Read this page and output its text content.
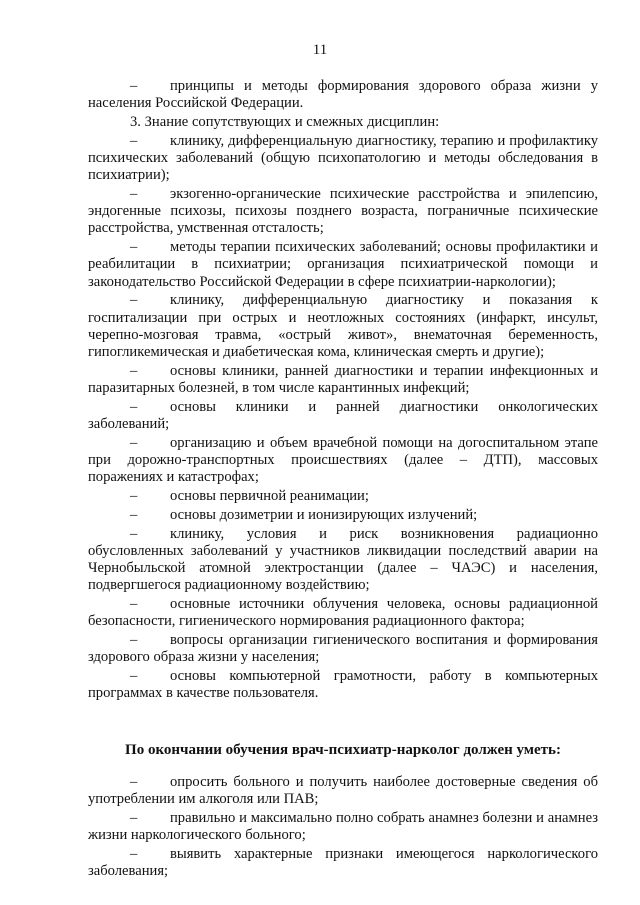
11

– принципы и методы формирования здорового образа жизни у населения Российской Федерации.

3. Знание сопутствующих и смежных дисциплин:

– клинику, дифференциальную диагностику, терапию и профилактику психических заболеваний (общую психопатологию и методы обследования в психиатрии);

– экзогенно-органические психические расстройства и эпилепсию, эндогенные психозы, психозы позднего возраста, пограничные психические расстройства, умственная отсталость;

– методы терапии психических заболеваний; основы профилактики и реабилитации в психиатрии; организация психиатрической помощи и законодательство Российской Федерации в сфере психиатрии-наркологии);

– клинику, дифференциальную диагностику и показания к госпитализации при острых и неотложных состояниях (инфаркт, инсульт, черепно-мозговая травма, «острый живот», внематочная беременность, гипогликемическая и диабетическая кома, клиническая смерть и другие);

– основы клиники, ранней диагностики и терапии инфекционных и паразитарных болезней, в том числе карантинных инфекций;

– основы клиники и ранней диагностики онкологических заболеваний;

– организацию и объем врачебной помощи на догоспитальном этапе при дорожно-транспортных происшествиях (далее – ДТП), массовых поражениях и катастрофах;

– основы первичной реанимации;

– основы дозиметрии и ионизирующих излучений;

– клинику, условия и риск возникновения радиационно обусловленных заболеваний у участников ликвидации последствий аварии на Чернобыльской атомной электростанции (далее – ЧАЭС) и населения, подвергшегося радиационному воздействию;

– основные источники облучения человека, основы радиационной безопасности, гигиенического нормирования радиационного фактора;

– вопросы организации гигиенического воспитания и формирования здорового образа жизни у населения;

– основы компьютерной грамотности, работу в компьютерных программах в качестве пользователя.

По окончании обучения врач-психиатр-нарколог должен уметь:

– опросить больного и получить наиболее достоверные сведения об употреблении им алкоголя или ПАВ;

– правильно и максимально полно собрать анамнез болезни и анамнез жизни наркологического больного;

– выявить характерные признаки имеющегося наркологического заболевания;
